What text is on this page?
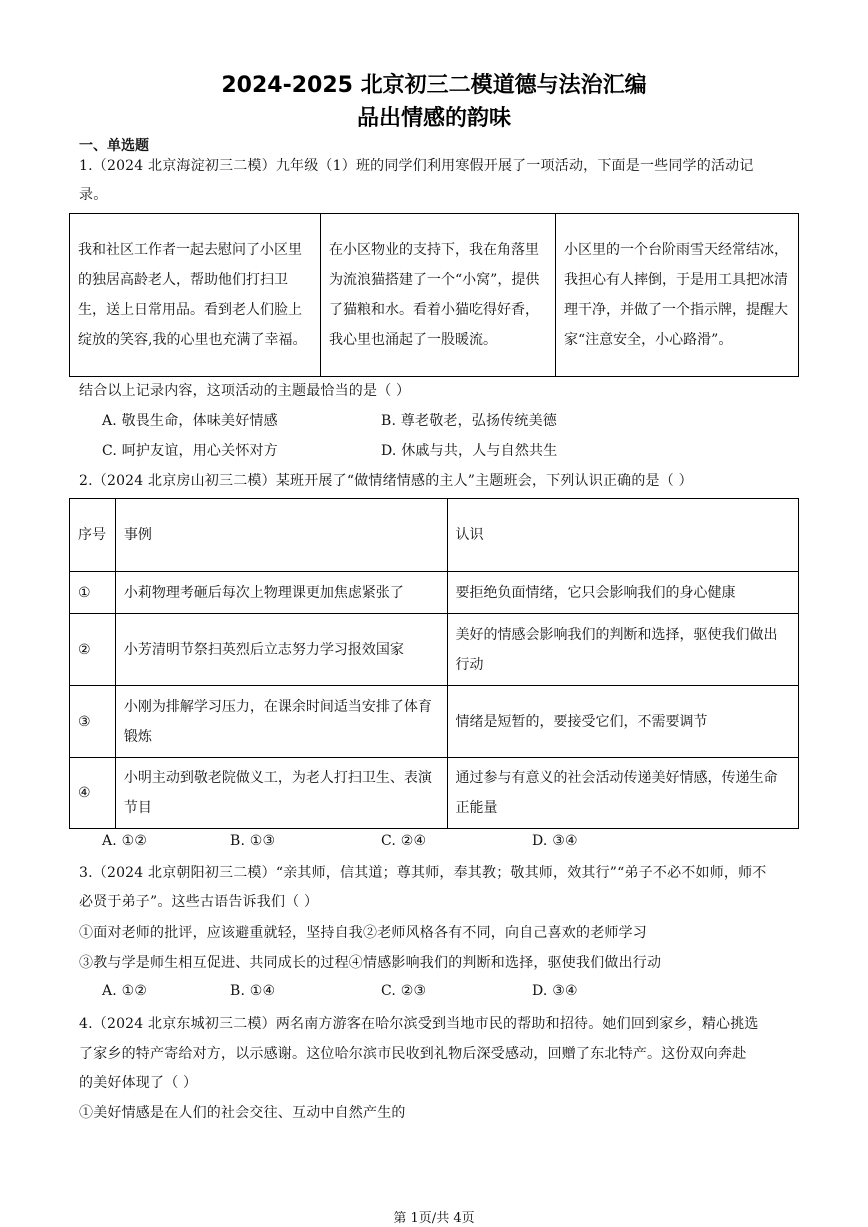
2024-2025 北京初三二模道德与法治汇编
品出情感的韵味
一、单选题
1.（2024 北京海淀初三二模）九年级（1）班的同学们利用寒假开展了一项活动，下面是一些同学的活动记
录。
我和社区工作者一起去慰问了小区里的独居高龄老人，帮助他们打扫卫生，送上日常用品。看到老人们脸上绽放的笑容,我的心里也充满了幸福。	在小区物业的支持下，我在角落里为流浪猫搭建了一个“小窝”，提供了猫粮和水。看着小猫吃得好香，我心里也涌起了一股暖流。	小区里的一个台阶雨雪天经常结冰，我担心有人摔倒，于是用工具把冰清理干净，并做了一个指示牌，提醒大家“注意安全，小心路滑”。
结合以上记录内容，这项活动的主题最恰当的是（ ）
A. 敬畏生命，体味美好情感	B. 尊老敬老，弘扬传统美德
C. 呵护友谊，用心关怀对方	D. 休戚与共，人与自然共生
2.（2024 北京房山初三二模）某班开展了“做情绪情感的主人”主题班会，下列认识正确的是（ ）
序号	事例	认识
①	小莉物理考砸后每次上物理课更加焦虑紧张了	要拒绝负面情绪，它只会影响我们的身心健康
②	小芳清明节祭扫英烈后立志努力学习报效国家	美好的情感会影响我们的判断和选择，驱使我们做出行动
③	小刚为排解学习压力，在课余时间适当安排了体育锻炼	情绪是短暂的，要接受它们，不需要调节
④	小明主动到敬老院做义工，为老人打扫卫生、表演节目	通过参与有意义的社会活动传递美好情感，传递生命正能量
A. ①②	B. ①③	C. ②④	D. ③④
3.（2024 北京朝阳初三二模）“亲其师，信其道；尊其师，奉其教；敬其师，效其行”“弟子不必不如师，师不
必贤于弟子”。这些古语告诉我们（ ）
①面对老师的批评，应该避重就轻，坚持自我②老师风格各有不同，向自己喜欢的老师学习
③教与学是师生相互促进、共同成长的过程④情感影响我们的判断和选择，驱使我们做出行动
A. ①②	B. ①④	C. ②③	D. ③④
4.（2024 北京东城初三二模）两名南方游客在哈尔滨受到当地市民的帮助和招待。她们回到家乡，精心挑选
了家乡的特产寄给对方，以示感谢。这位哈尔滨市民收到礼物后深受感动，回赠了东北特产。这份双向奔赴
的美好体现了（ ）
①美好情感是在人们的社会交往、互动中自然产生的
第 1页/共 4页
